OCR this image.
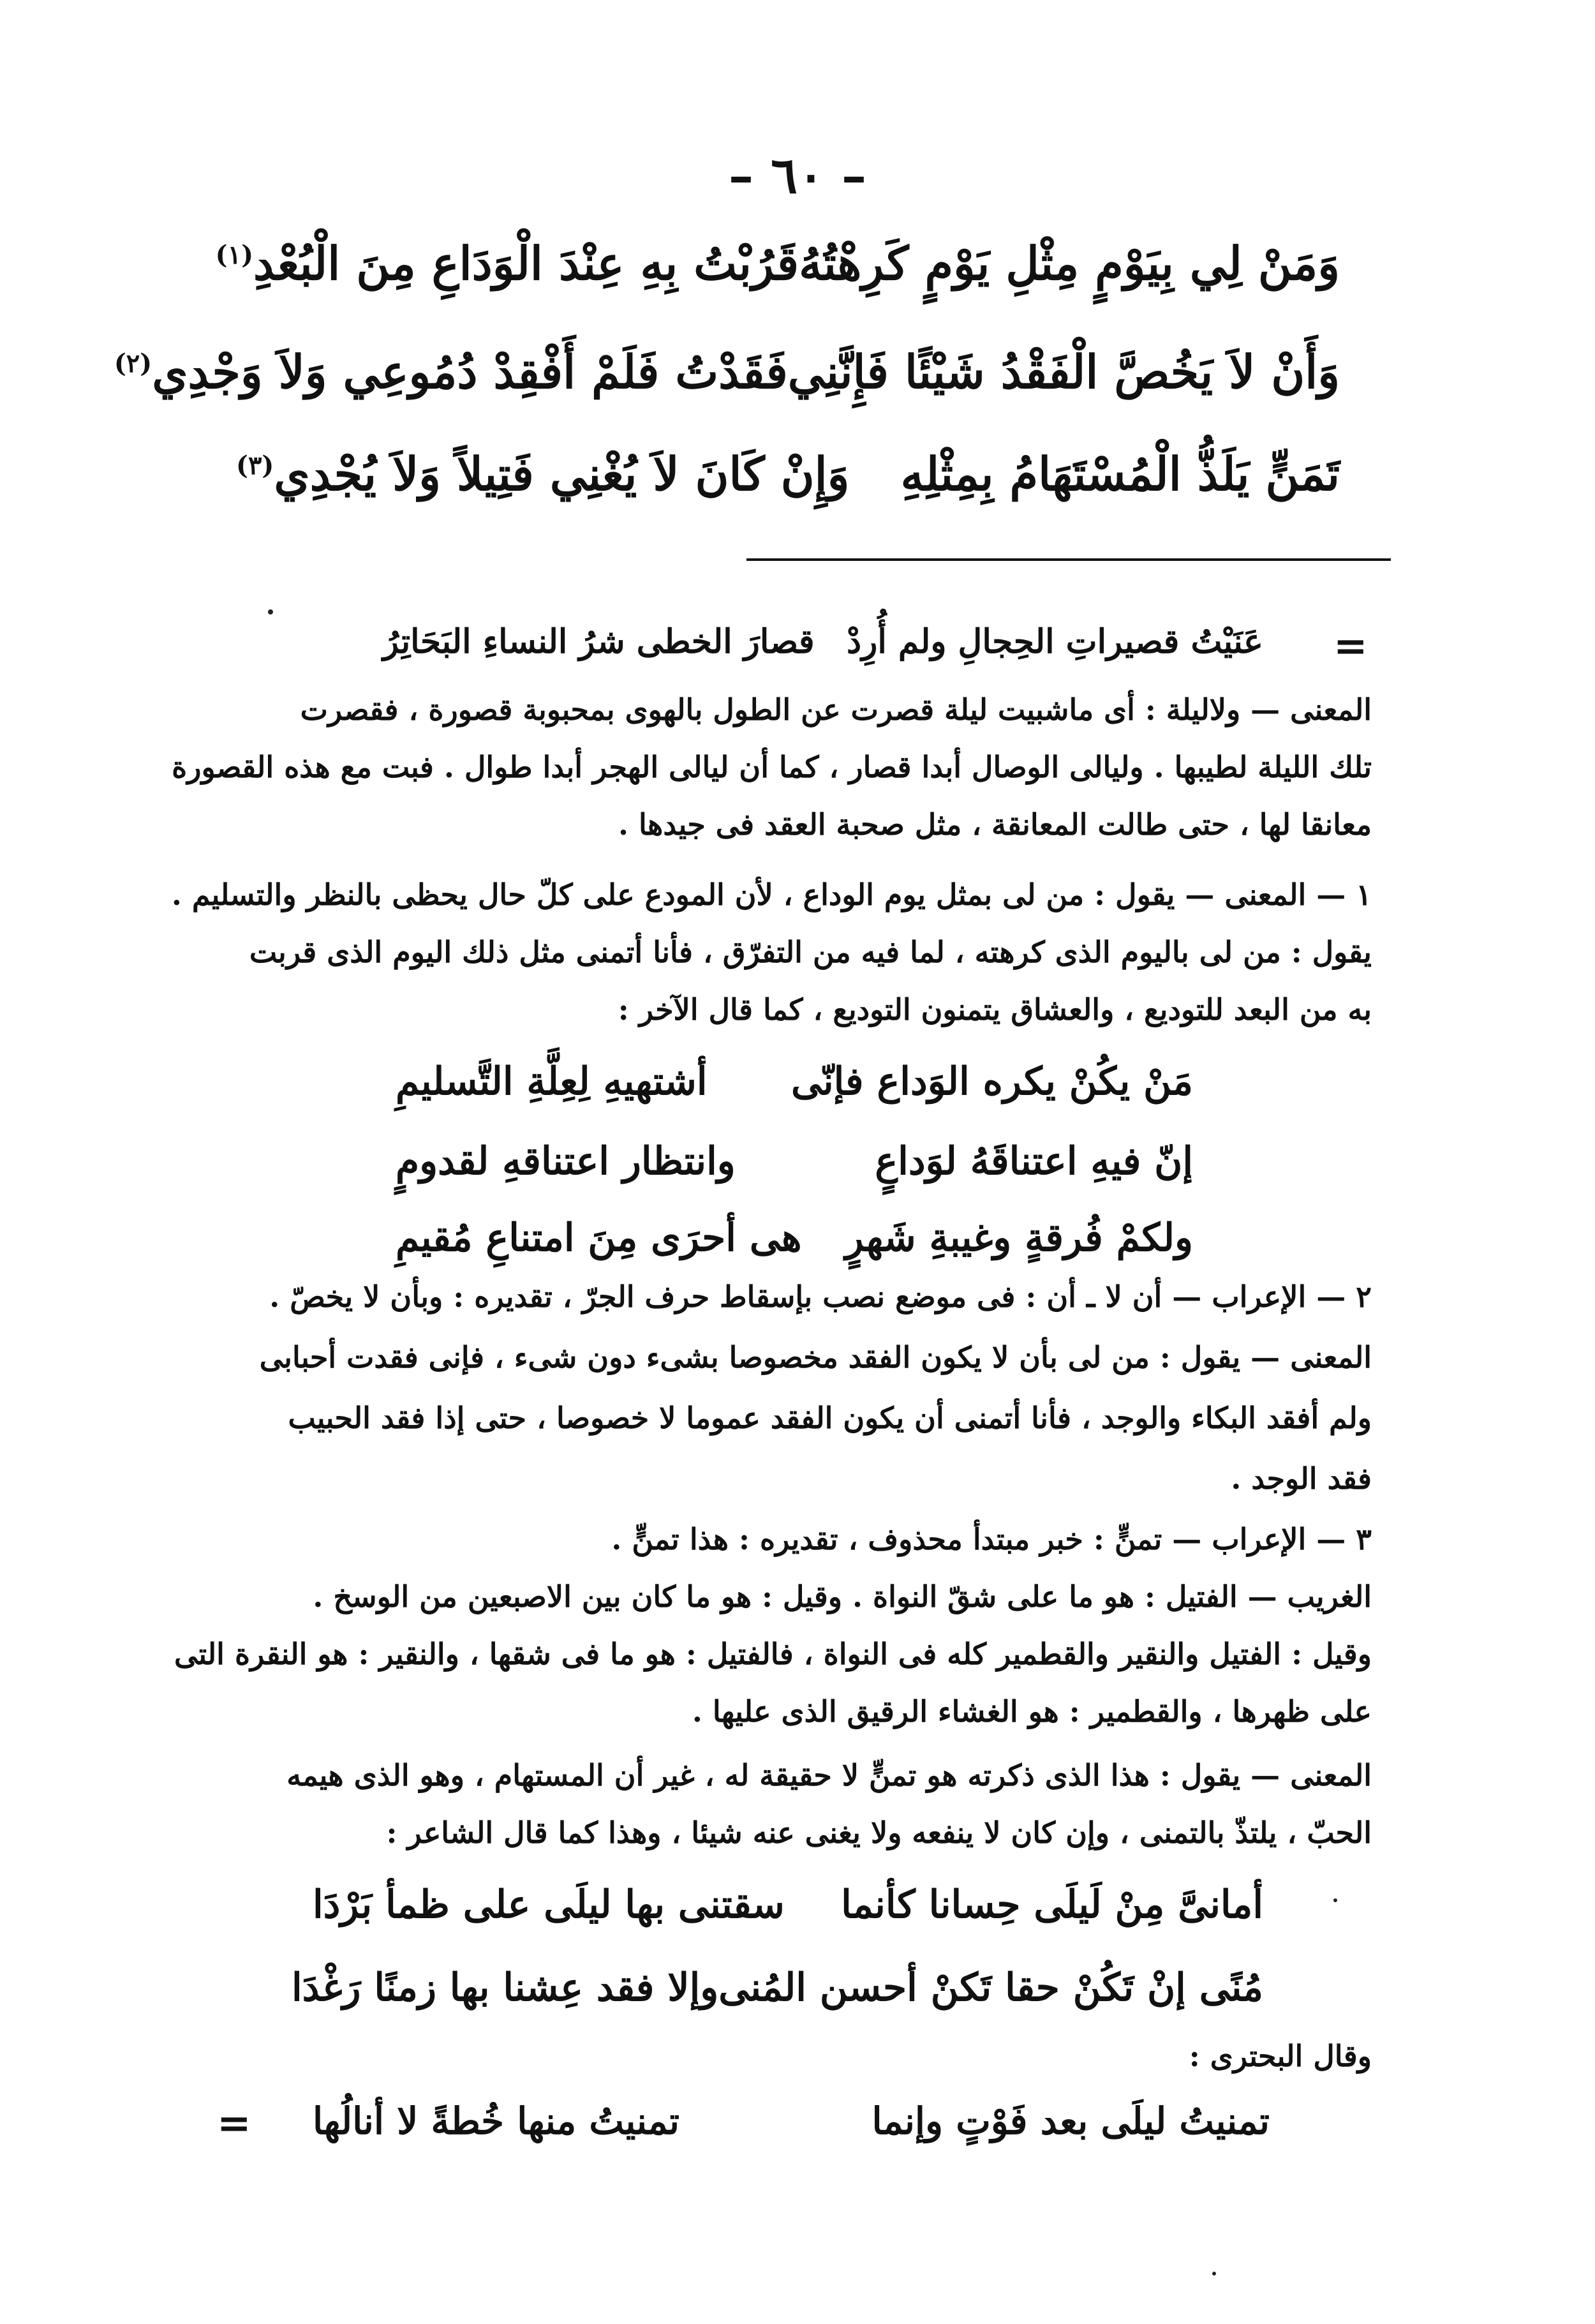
– ٦٠ –
وَمَنْ لِي بِيَوْمٍ مِثْلِ يَوْمٍ كَرِهْتُهُ
قَرُبْتُ بِهِ عِنْدَ الْوَدَاعِ مِنَ الْبُعْدِ(١)
وَأَنْ لاَ يَخُصَّ الْفَقْدُ شَيْئًا فَإِنَّنِي
فَقَدْتُ فَلَمْ أَفْقِدْ دُمُوعِي وَلاَ وَجْدِي(٢)
تَمَنٍّ يَلَذُّ الْمُسْتَهَامُ بِمِثْلِهِ
وَإِنْ كَانَ لاَ يُغْنِي فَتِيلاً وَلاَ يُجْدِي(٣)
=
عَنَيْتُ قصيراتِ الحِجالِ ولم أُرِدْ
قصارَ الخطى شرُ النساءِ البَحَاتِرُ
المعنى — ولاليلة : أى ماشبيت ليلة قصرت عن الطول بالهوى بمحبوبة قصورة ، فقصرت
تلك الليلة لطيبها . وليالى الوصال أبدا قصار ، كما أن ليالى الهجر أبدا طوال . فبت مع هذه القصورة
معانقا لها ، حتى طالت المعانقة ، مثل صحبة العقد فى جيدها .
١ — المعنى — يقول : من لى بمثل يوم الوداع ، لأن المودع على كلّ حال يحظى بالنظر والتسليم .
يقول : من لى باليوم الذى كرهته ، لما فيه من التفرّق ، فأنا أتمنى مثل ذلك اليوم الذى قربت
به من البعد للتوديع ، والعشاق يتمنون التوديع ، كما قال الآخر :
مَنْ يكُنْ يكره الوَداع فإنّى
أشتهيهِ لِعِلَّةِ التَّسليمِ
إنّ فيهِ اعتناقَهُ لوَداعٍ
وانتظار اعتناقهِ لقدومٍ
ولكمْ فُرقةٍ وغيبةِ شَهرٍ
هى أحرَى مِنَ امتناعِ مُقيمِ
٢ — الإعراب — أن لا ـ أن : فى موضع نصب بإسقاط حرف الجرّ ، تقديره : وبأن لا يخصّ .
المعنى — يقول : من لى بأن لا يكون الفقد مخصوصا بشىء دون شىء ، فإنى فقدت أحبابى
ولم أفقد البكاء والوجد ، فأنا أتمنى أن يكون الفقد عموما لا خصوصا ، حتى إذا فقد الحبيب
فقد الوجد .
٣ — الإعراب — تمنٍّ : خبر مبتدأ محذوف ، تقديره : هذا تمنٍّ .
الغريب — الفتيل : هو ما على شقّ النواة . وقيل : هو ما كان بين الاصبعين من الوسخ .
وقيل : الفتيل والنقير والقطمير كله فى النواة ، فالفتيل : هو ما فى شقها ، والنقير : هو النقرة التى
على ظهرها ، والقطمير : هو الغشاء الرقيق الذى عليها .
المعنى — يقول : هذا الذى ذكرته هو تمنٍّ لا حقيقة له ، غير أن المستهام ، وهو الذى هيمه
الحبّ ، يلتذّ بالتمنى ، وإن كان لا ينفعه ولا يغنى عنه شيئا ، وهذا كما قال الشاعر :
أمانىَّ مِنْ لَيلَى حِسانا كأنما
سقتنى بها ليلَى على ظمأ بَرْدَا
مُنًى إنْ تَكُنْ حقا تَكنْ أحسن المُنى
وإلا فقد عِشنا بها زمنًا رَغْدَا
وقال البحترى :
تمنيتُ ليلَى بعد فَوْتٍ وإنما
تمنيتُ منها خُطةً لا أنالُها
=
